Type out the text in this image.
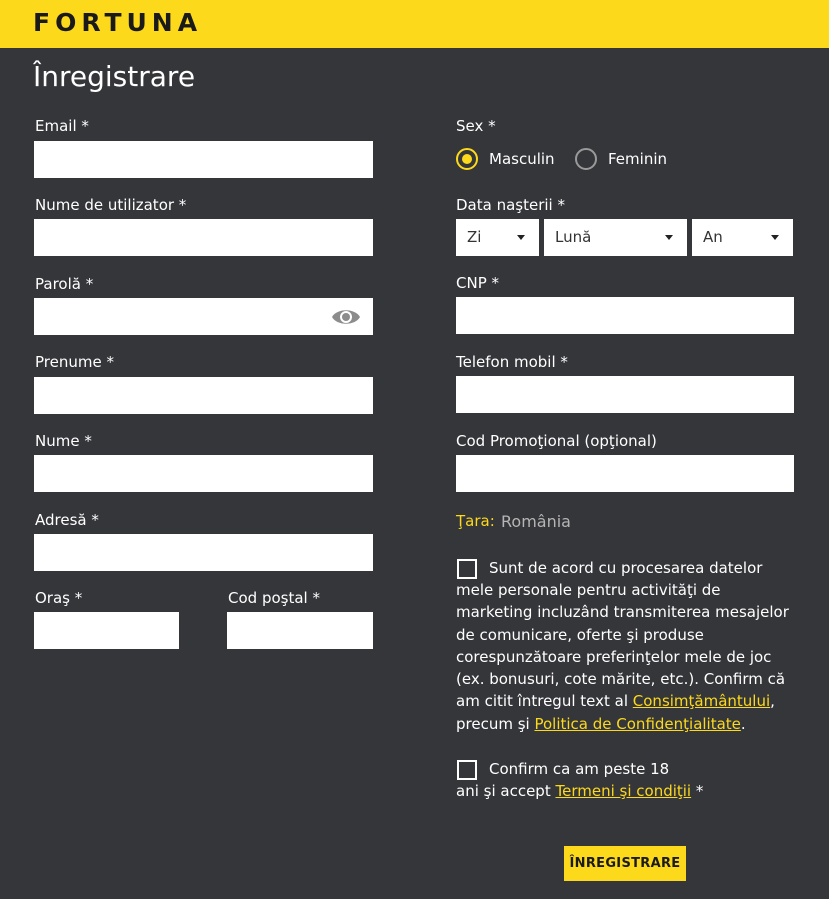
FORTUNA
Înregistrare
Email *
Nume de utilizator *
Parolă *
Prenume *
Nume *
Adresă *
Oraş *	Cod poştal *
Sex *
Masculin	Feminin
Data naşterii *
Zi	Lună	An
CNP *
Telefon mobil *
Cod Promoţional (opţional)
Ţara: România
Sunt de acord cu procesarea datelor
mele personale pentru activităţi de
marketing incluzând transmiterea mesajelor
de comunicare, oferte şi produse
corespunzătoare preferinţelor mele de joc
(ex. bonusuri, cote mărite, etc.). Confirm că
am citit întregul text al Consimţământului,
precum şi Politica de Confidenţialitate.
Confirm ca am peste 18
ani şi accept Termeni şi condiţii *
ÎNREGISTRARE
